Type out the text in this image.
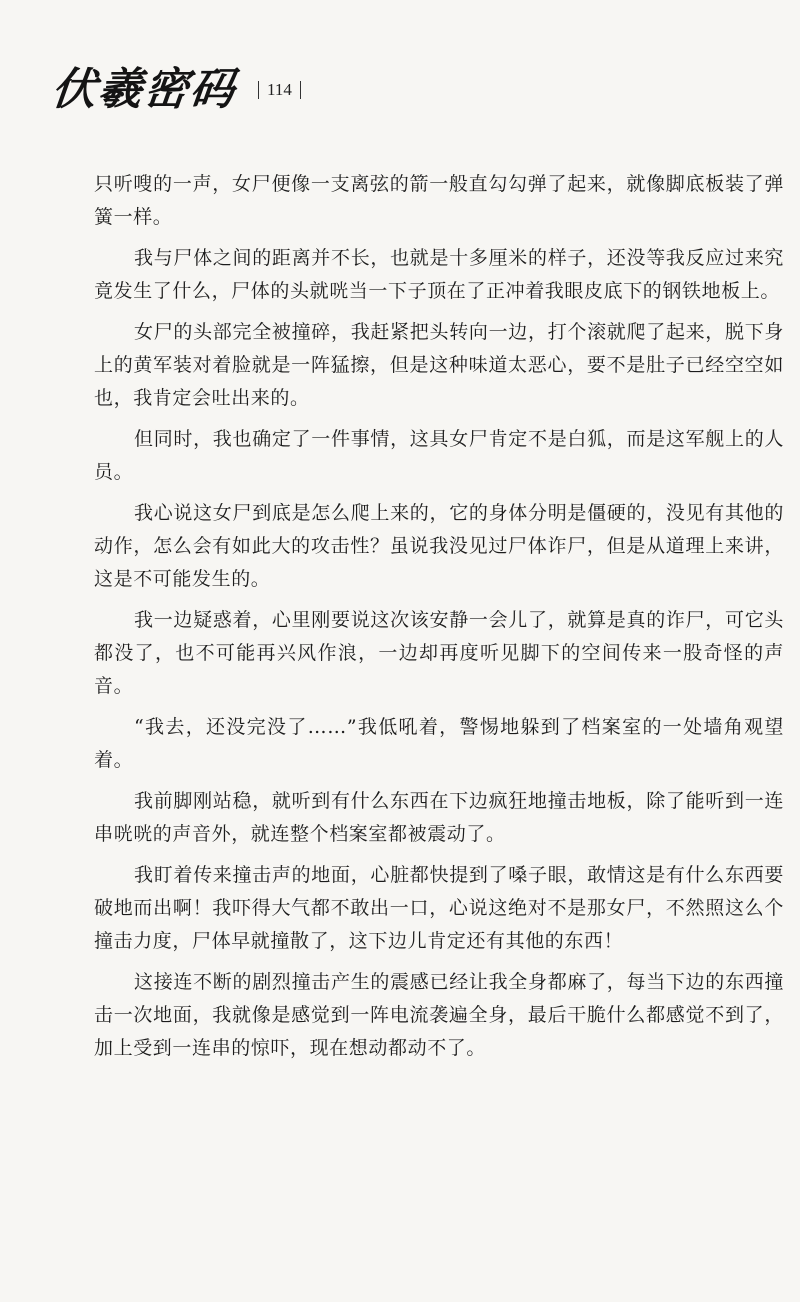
伏羲密码 114

只听嗖的一声，女尸便像一支离弦的箭一般直勾勾弹了起来，就像脚底板装了弹簧一样。

我与尸体之间的距离并不长，也就是十多厘米的样子，还没等我反应过来究竟发生了什么，尸体的头就咣当一下子顶在了正冲着我眼皮底下的钢铁地板上。

女尸的头部完全被撞碎，我赶紧把头转向一边，打个滚就爬了起来，脱下身上的黄军装对着脸就是一阵猛擦，但是这种味道太恶心，要不是肚子已经空空如也，我肯定会吐出来的。

但同时，我也确定了一件事情，这具女尸肯定不是白狐，而是这军舰上的人员。

我心说这女尸到底是怎么爬上来的，它的身体分明是僵硬的，没见有其他的动作，怎么会有如此大的攻击性？虽说我没见过尸体诈尸，但是从道理上来讲，这是不可能发生的。

我一边疑惑着，心里刚要说这次该安静一会儿了，就算是真的诈尸，可它头都没了，也不可能再兴风作浪，一边却再度听见脚下的空间传来一股奇怪的声音。

“我去，还没完没了……”我低吼着，警惕地躲到了档案室的一处墙角观望着。

我前脚刚站稳，就听到有什么东西在下边疯狂地撞击地板，除了能听到一连串咣咣的声音外，就连整个档案室都被震动了。

我盯着传来撞击声的地面，心脏都快提到了嗓子眼，敢情这是有什么东西要破地而出啊！我吓得大气都不敢出一口，心说这绝对不是那女尸，不然照这么个撞击力度，尸体早就撞散了，这下边儿肯定还有其他的东西！

这接连不断的剧烈撞击产生的震感已经让我全身都麻了，每当下边的东西撞击一次地面，我就像是感觉到一阵电流袭遍全身，最后干脆什么都感觉不到了，加上受到一连串的惊吓，现在想动都动不了。
